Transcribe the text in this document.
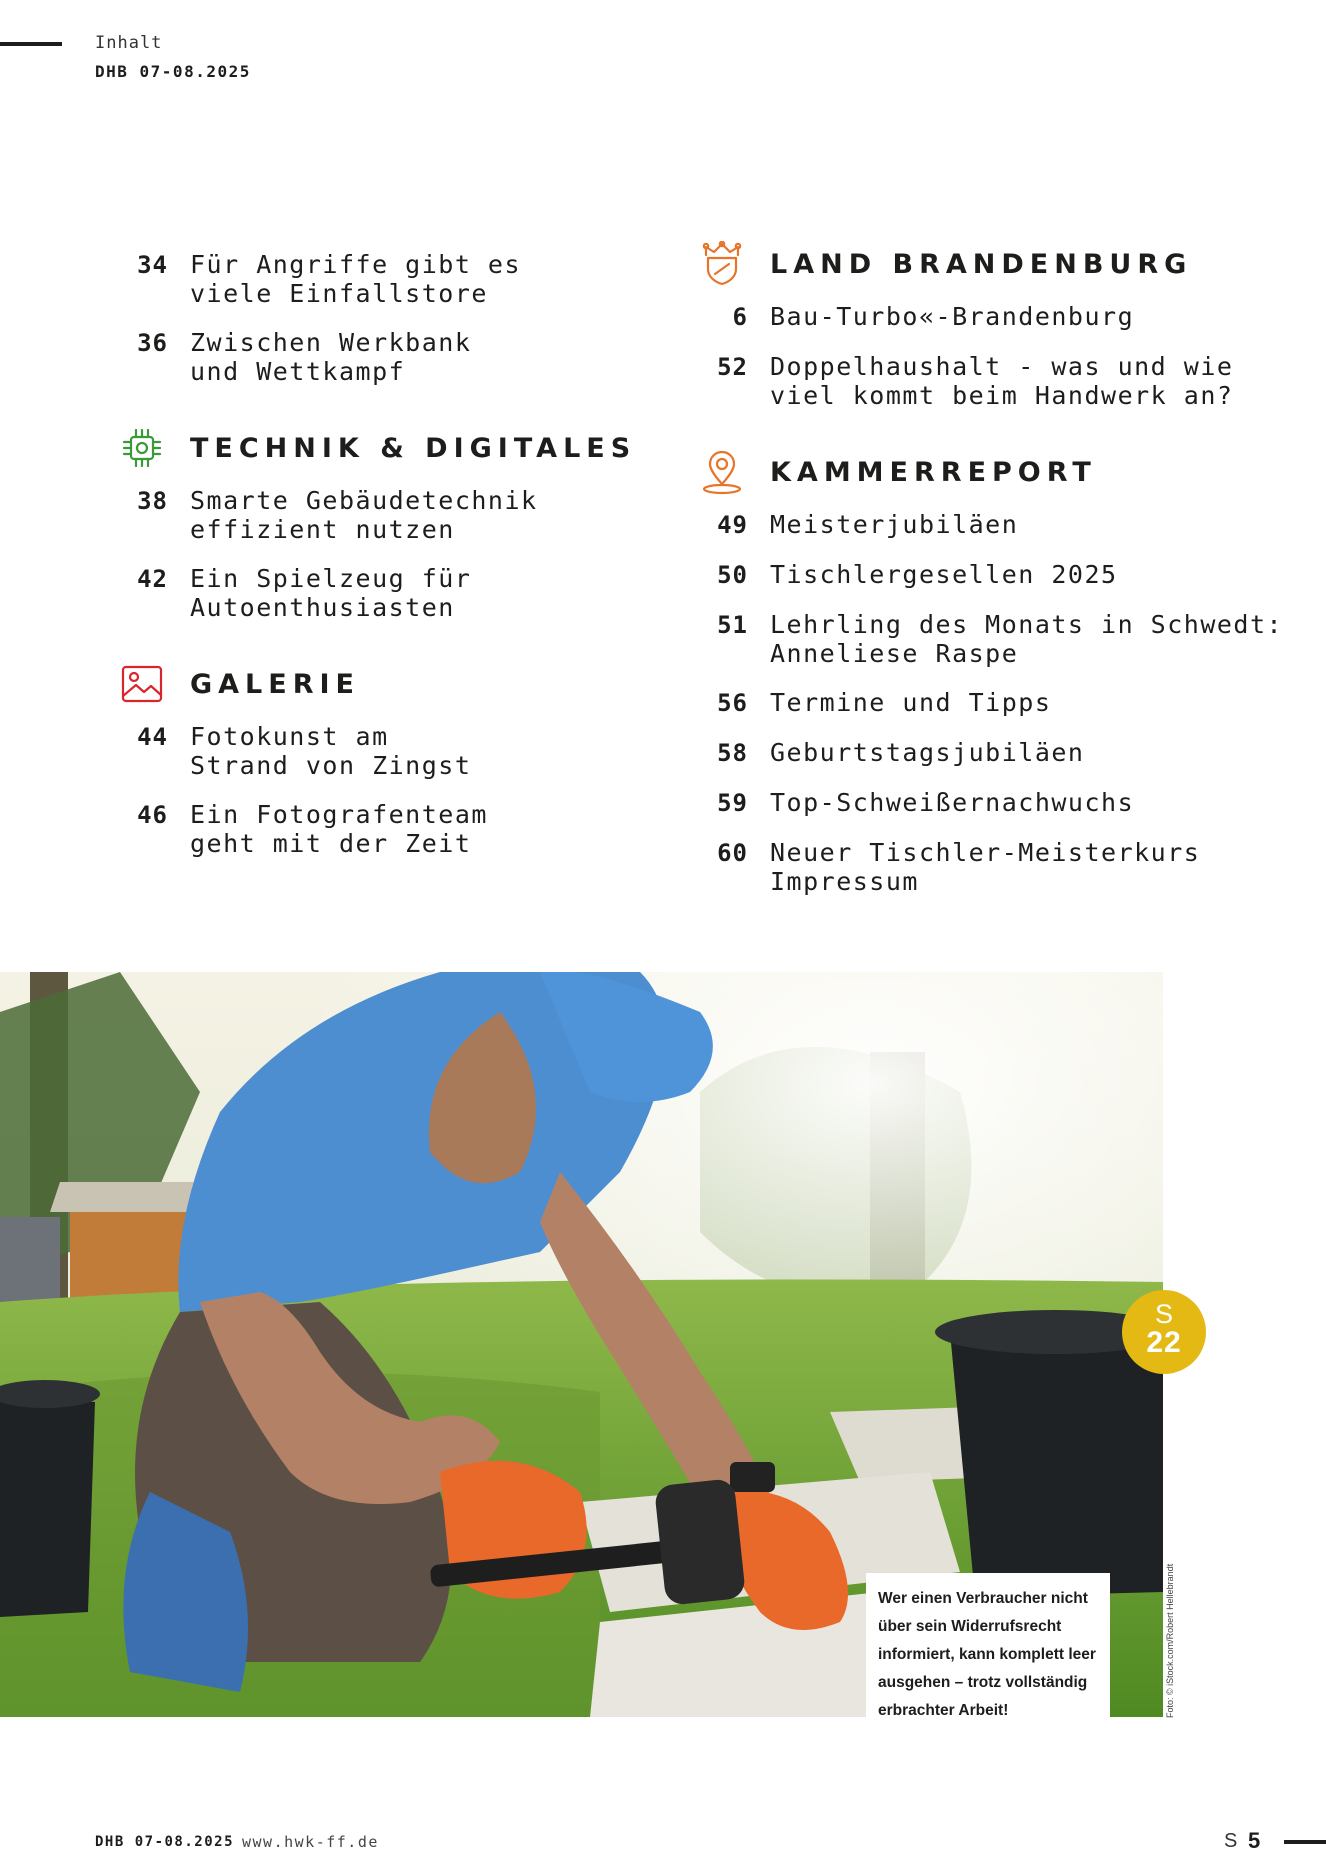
Inhalt
DHB 07-08.2025
34 Für Angriffe gibt es
viele Einfallstore
36 Zwischen Werkbank
und Wettkampf
TECHNIK & DIGITALES
38 Smarte Gebäudetechnik
effizient nutzen
42 Ein Spielzeug für
Autoenthusiasten
GALERIE
44 Fotokunst am
Strand von Zingst
46 Ein Fotografenteam
geht mit der Zeit
LAND BRANDENBURG
6 Bau-Turbo«-Brandenburg
52 Doppelhaushalt - was und wie
viel kommt beim Handwerk an?
KAMMERREPORT
49 Meisterjubiläen
50 Tischlergesellen 2025
51 Lehrling des Monats in Schwedt:
Anneliese Raspe
56 Termine und Tipps
58 Geburtstagsjubiläen
59 Top-Schweißernachwuchs
60 Neuer Tischler-Meisterkurs
Impressum
Wer einen Verbraucher nicht über sein Widerrufsrecht informiert, kann komplett leer ausgehen – trotz vollständig erbrachter Arbeit!	Foto: © iStock.com/Robert Hellebrandt
S
22
DHB 07-08.2025 www.hwk-ff.de	S 5
